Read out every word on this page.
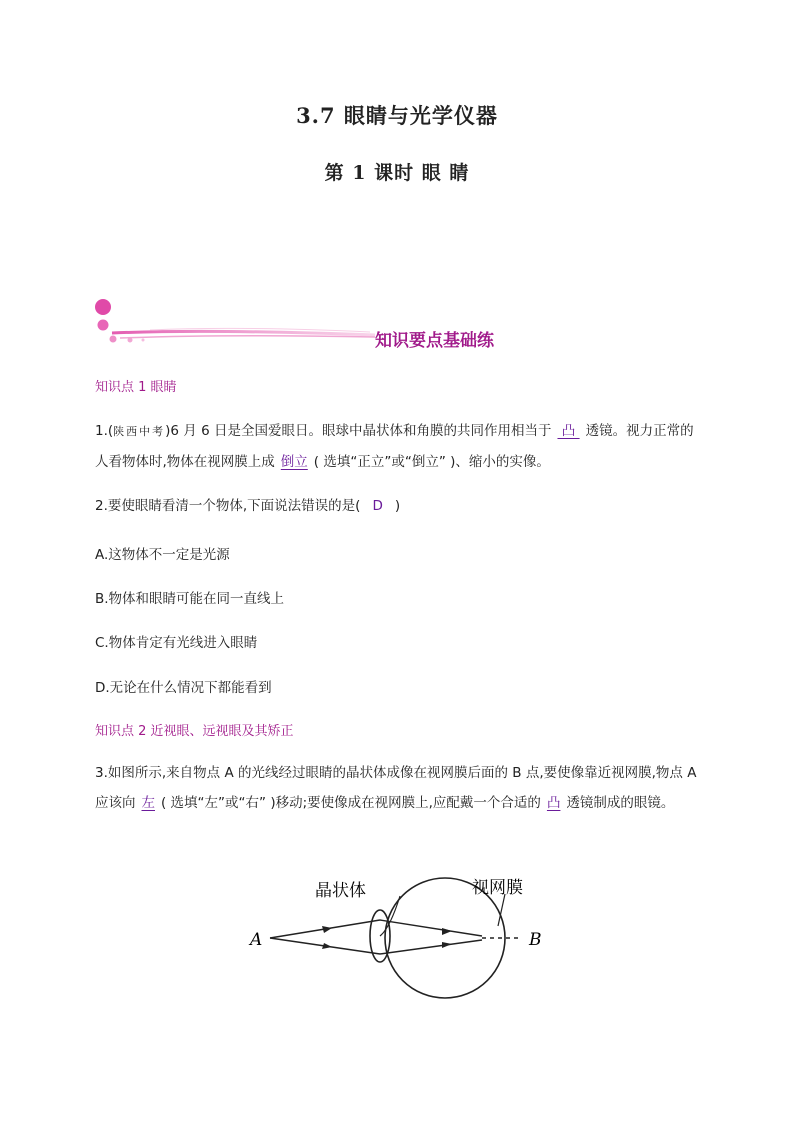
3.7 眼睛与光学仪器
第 1 课时 眼 睛
知识要点基础练
知识点 1 眼睛
1.(陕西中考)6 月 6 日是全国爱眼日。眼球中晶状体和角膜的共同作用相当于 凸 透镜。视力正常的人看物体时,物体在视网膜上成 倒立 ( 选填“正立”或“倒立” )、缩小的实像。
2.要使眼睛看清一个物体,下面说法错误的是( D )
A.这物体不一定是光源
B.物体和眼睛可能在同一直线上
C.物体肯定有光线进入眼睛
D.无论在什么情况下都能看到
知识点 2 近视眼、远视眼及其矫正
3.如图所示,来自物点 A 的光线经过眼睛的晶状体成像在视网膜后面的 B 点,要使像靠近视网膜,物点 A 应该向 左 ( 选填“左”或“右” )移动;要使像成在视网膜上,应配戴一个合适的 凸 透镜制成的眼镜。
晶状体	视网膜
A	B
